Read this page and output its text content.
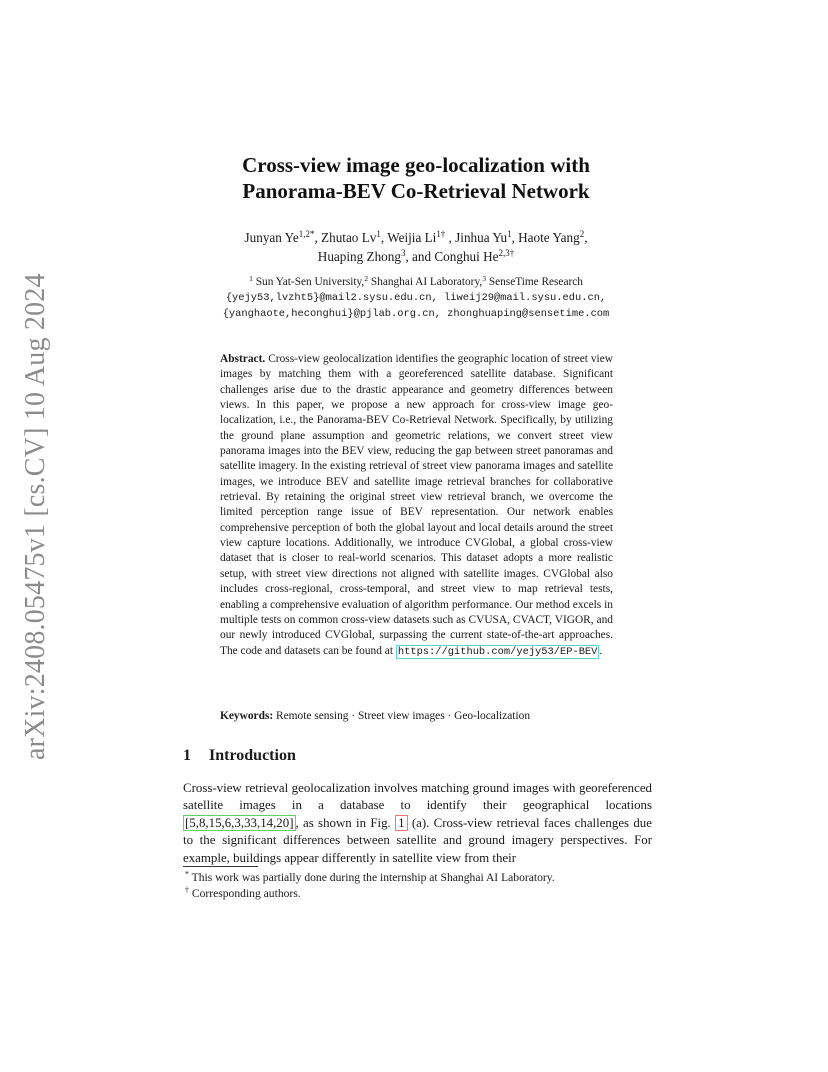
arXiv:2408.05475v1 [cs.CV] 10 Aug 2024
Cross-view image geo-localization with
Panorama-BEV Co-Retrieval Network
Junyan $Ye^{1,2*}$, Zhutao Lv$^1$, Weijia $Li^{1\dagger}$ , Jinhua Yu$^1$, Haote Yang$^2$,
Huaping Zhong$^3$, and Conghui $He^{2,3\dagger}$
$^1$ Sun Yat-Sen University,$^2$ Shanghai AI Laboratory,$^3$ SenseTime Research
{yejy53,lvzht5}@mail2.sysu.edu.cn, liweij29@mail.sysu.edu.cn,
{yanghaote,heconghui}@pjlab.org.cn, zhonghuaping@sensetime.com
Abstract. Cross-view geolocalization identifies the geographic location of street view images by matching them with a georeferenced satellite database. Significant challenges arise due to the drastic appearance and geometry differences between views. In this paper, we propose a new approach for cross-view image geo-localization, i.e., the Panorama-BEV Co-Retrieval Network. Specifically, by utilizing the ground plane assumption and geometric relations, we convert street view panorama images into the BEV view, reducing the gap between street panoramas and satellite imagery. In the existing retrieval of street view panorama images and satellite images, we introduce BEV and satellite image retrieval branches for collaborative retrieval. By retaining the original street view retrieval branch, we overcome the limited perception range issue of BEV representation. Our network enables comprehensive perception of both the global layout and local details around the street view capture locations. Additionally, we introduce CVGlobal, a global cross-view dataset that is closer to real-world scenarios. This dataset adopts a more realistic setup, with street view directions not aligned with satellite images. CVGlobal also includes cross-regional, cross-temporal, and street view to map retrieval tests, enabling a comprehensive evaluation of algorithm performance. Our method excels in multiple tests on common cross-view datasets such as CVUSA, CVACT, VIGOR, and our newly introduced CVGlobal, surpassing the current state-of-the-art approaches. The code and datasets can be found at https://github.com/yejy53/EP-BEV .
Keywords: Remote sensing · Street view images · Geo-localization
1 Introduction
Cross-view retrieval geolocalization involves matching ground images with georeferenced satellite images in a database to identify their geographical locations [5,8,15,6,3,33,14,20] , as shown in Fig. 1 (a). Cross-view retrieval faces challenges due to the significant differences between satellite and ground imagery perspectives. For example, buildings appear differently in satellite view from their
* This work was partially done during the internship at Shanghai AI Laboratory.
† Corresponding authors.
